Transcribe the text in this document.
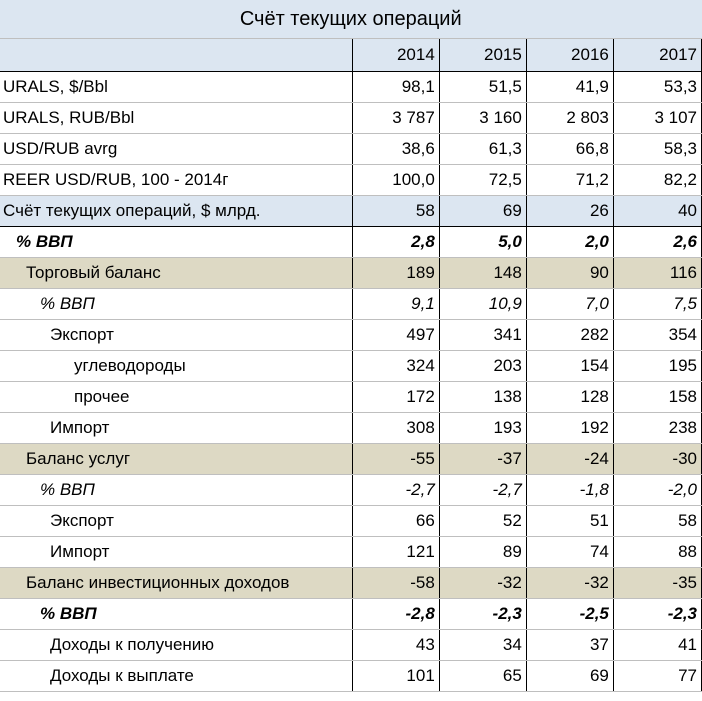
Счёт текущих операций				
	2014	2015	2016	2017
URALS, $/Bbl	98,1	51,5	41,9	53,3
URALS, RUB/Bbl	3 787	3 160	2 803	3 107
USD/RUB avrg	38,6	61,3	66,8	58,3
REER USD/RUB, 100 - 2014г	100,0	72,5	71,2	82,2
Счёт текущих операций, $ млрд.	58	69	26	40
% ВВП	2,8	5,0	2,0	2,6
Торговый баланс	189	148	90	116
% ВВП	9,1	10,9	7,0	7,5
Экспорт	497	341	282	354
углеводороды	324	203	154	195
прочее	172	138	128	158
Импорт	308	193	192	238
Баланс услуг	-55	-37	-24	-30
% ВВП	-2,7	-2,7	-1,8	-2,0
Экспорт	66	52	51	58
Импорт	121	89	74	88
Баланс инвестиционных доходов	-58	-32	-32	-35
% ВВП	-2,8	-2,3	-2,5	-2,3
Доходы к получению	43	34	37	41
Доходы к выплате	101	65	69	77
